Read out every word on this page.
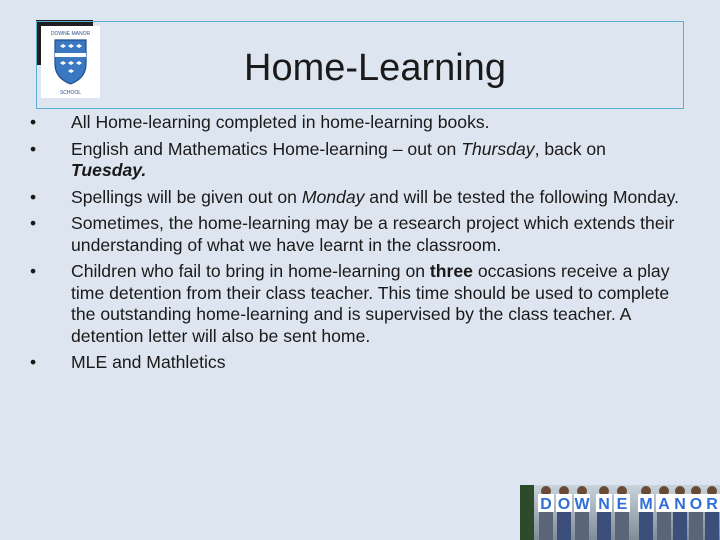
DOWNE MANOR
SCHOOL
Home-Learning
• All Home-learning completed in home-learning books.
• English and Mathematics Home-learning – out on Thursday, back on Tuesday.
• Spellings will be given out on Monday and will be tested the following Monday.
• Sometimes, the home-learning may be a research project which extends their understanding of what we have learnt in the classroom.
• Children who fail to bring in home-learning on three occasions receive a play time detention from their class teacher. This time should be used to complete the outstanding home-learning and is supervised by the class teacher. A detention letter will also be sent home.
• MLE and Mathletics
D O W N E M A N O R
